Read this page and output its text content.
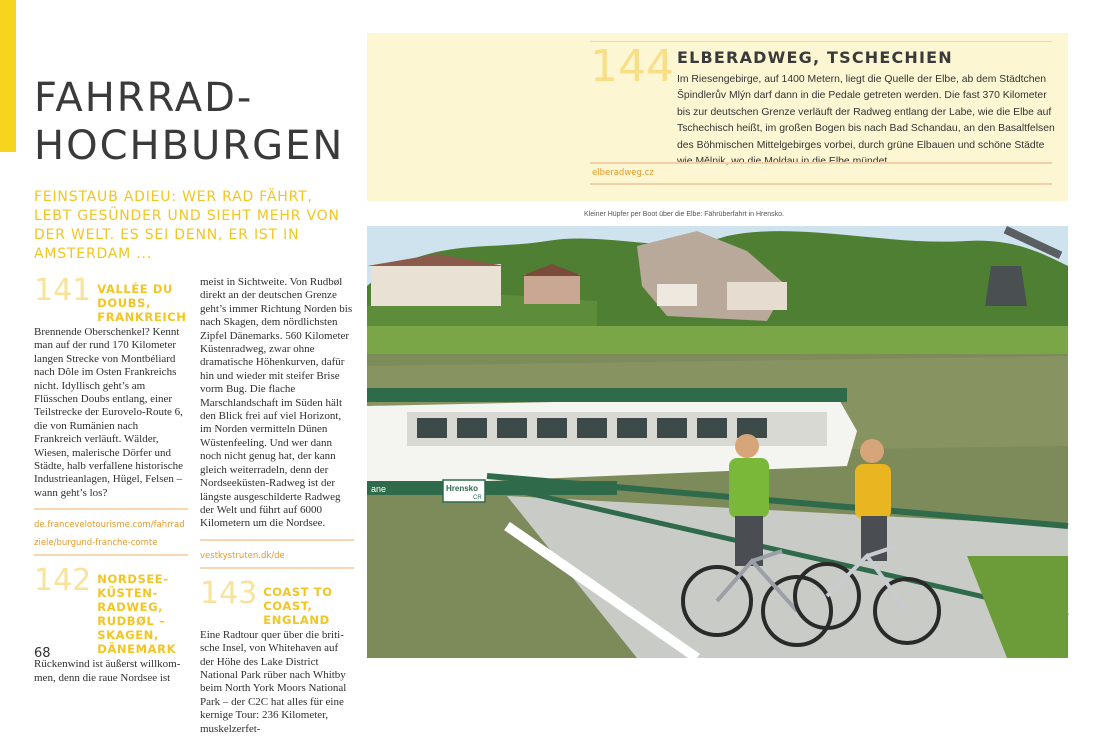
FAHRRAD-
HOCHBURGEN

FEINSTAUB ADIEU: WER RAD FÄHRT, LEBT GESÜNDER UND SIEHT MEHR VON DER WELT. ES SEI DENN, ER IST IN AMSTERDAM ...

141 VALLÉE DU DOUBS, FRANKREICH

Brennende Oberschenkel? Kennt man auf der rund 170 Kilometer langen Strecke von Montbéliard nach Dôle im Osten Frankreichs nicht. Idyllisch geht’s am Flüsschen Doubs entlang, einer Teilstrecke der Eurovelo-Route 6, die von Rumänien nach Frankreich verläuft. Wälder, Wiesen, malerische Dörfer und Städte, halb verfallene historische Industrieanlagen, Hügel, Felsen – wann geht’s los?

de.francevelotourisme.com/fahrradziele/burgund-franche-comte
142 NORDSEE-KÜSTEN-RADWEG, RUDBØL – SKAGEN, DÄNEMARK

Rückenwind ist äußerst willkommen, denn die raue Nordsee ist

meist in Sichtweite. Von Rudbøl direkt an der deutschen Grenze geht’s immer Richtung Norden bis nach Skagen, dem nördlichsten Zipfel Dänemarks. 560 Kilometer Küstenradweg, zwar ohne dramatische Höhenkurven, dafür hin und wieder mit steifer Brise vorm Bug. Die flache Marschlandschaft im Süden hält den Blick frei auf viel Horizont, im Norden vermitteln Dünen Wüstenfeeling. Und wer dann noch nicht genug hat, der kann gleich weiterradeln, denn der Nordseeküsten-Radweg ist der längste ausgeschilderte Radweg der Welt und führt auf 6000 Kilometern um die Nordsee.

vestkystruten.dk/de
143 COAST TO COAST, ENGLAND

Eine Radtour quer über die britische Insel, von Whitehaven auf der Höhe des Lake District National Park rüber nach Whitby beim North York Moors National Park – der C2C hat alles für eine kernige Tour: 236 Kilometer, muskelzerfet-

68
144 ELBERADWEG, TSCHECHIEN

Im Riesengebirge, auf 1400 Metern, liegt die Quelle der Elbe, ab dem Städtchen Špindlerův Mlýn darf dann in die Pedale getreten werden. Die fast 370 Kilometer bis zur deutschen Grenze verläuft der Radweg entlang der Labe, wie die Elbe auf Tschechisch heißt, im großen Bogen bis nach Bad Schandau, an den Basaltfelsen des Böhmischen Mittelgebirges vorbei, durch grüne Elbauen und schöne Städte wie Mělnik, wo die Moldau in die Elbe mündet.

elberadweg.cz
Kleiner Hüpfer per Boot über die Elbe: Fährüberfahrt in Hrensko.
ane	Hrensko
CR
